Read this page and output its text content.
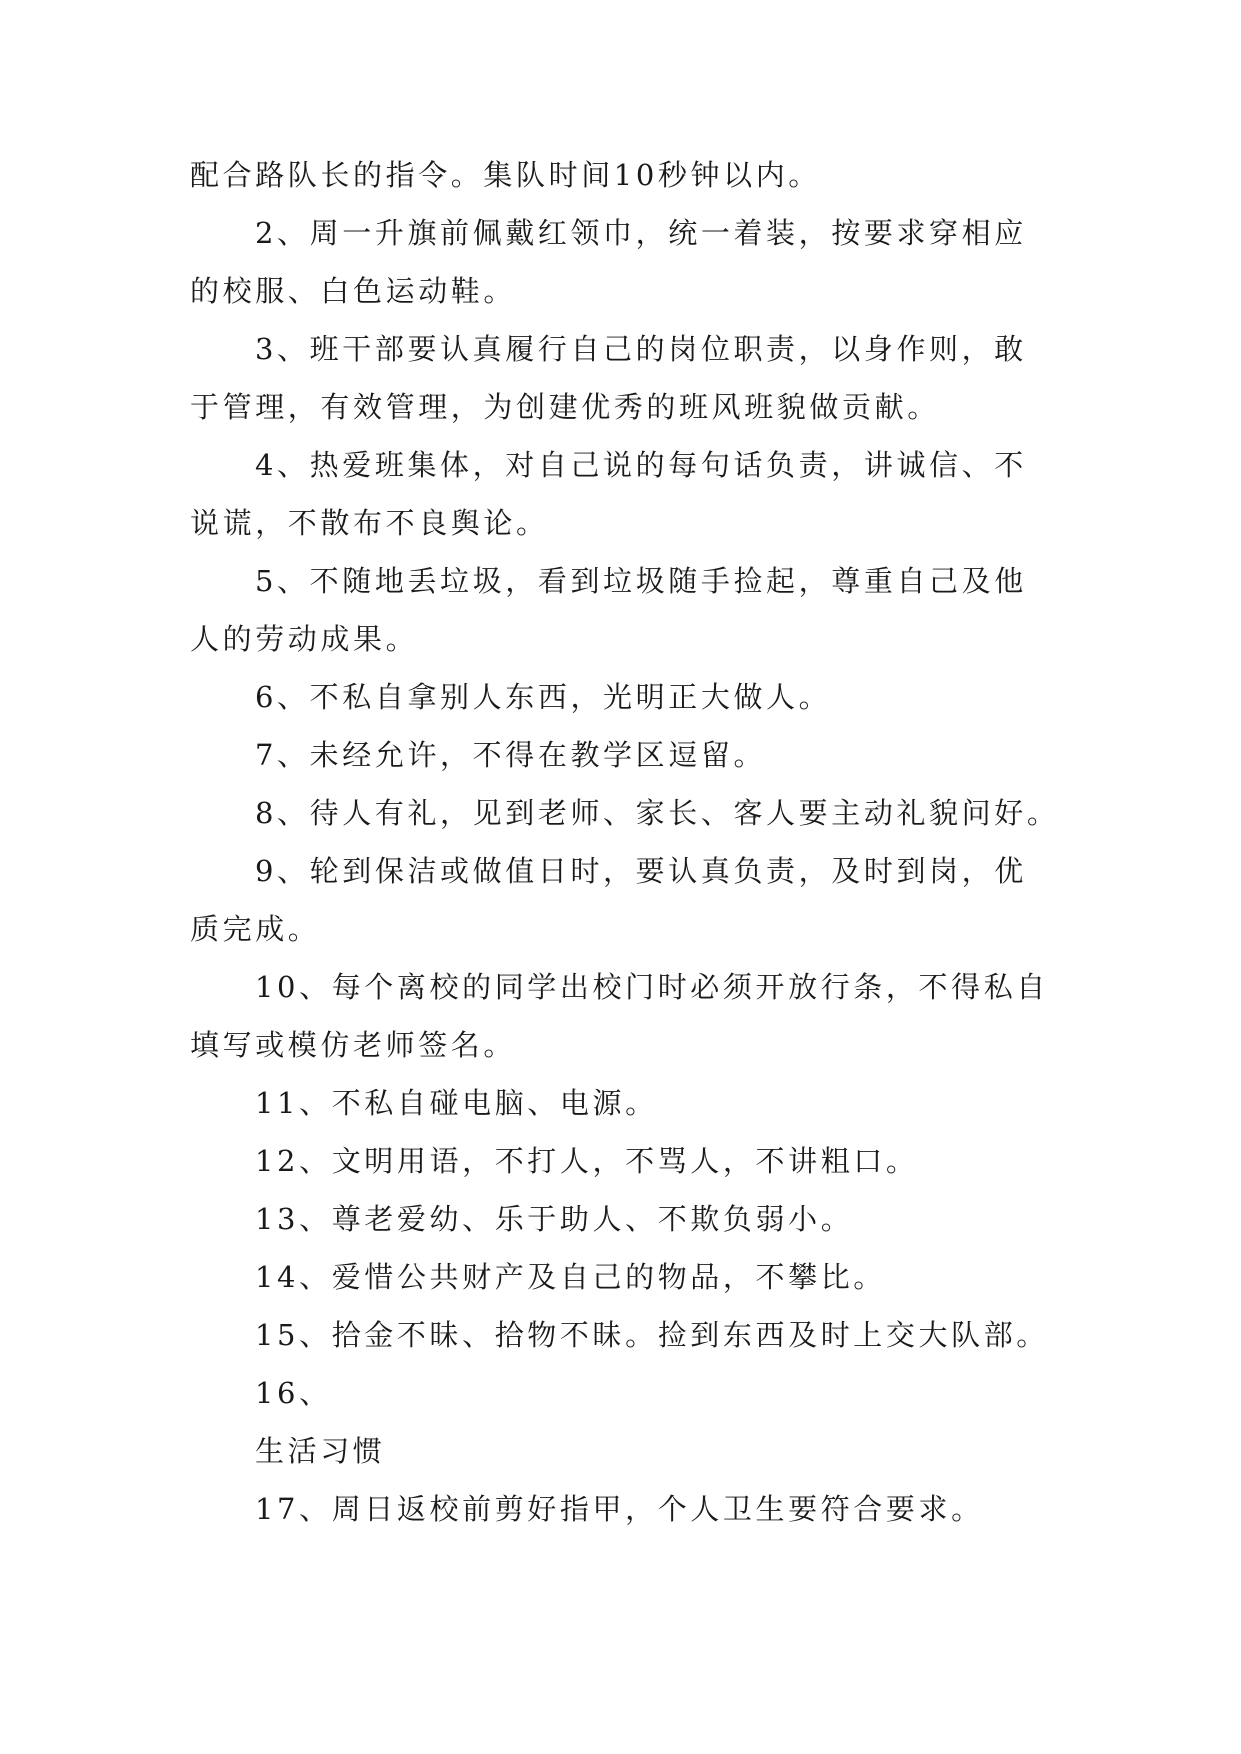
配合路队长的指令。集队时间10秒钟以内。
2、周一升旗前佩戴红领巾，统一着装，按要求穿相应
的校服、白色运动鞋。
3、班干部要认真履行自己的岗位职责，以身作则，敢
于管理，有效管理，为创建优秀的班风班貌做贡献。
4、热爱班集体，对自己说的每句话负责，讲诚信、不
说谎，不散布不良舆论。
5、不随地丢垃圾，看到垃圾随手捡起，尊重自己及他
人的劳动成果。
6、不私自拿别人东西，光明正大做人。
7、未经允许，不得在教学区逗留。
8、待人有礼，见到老师、家长、客人要主动礼貌问好。
9、轮到保洁或做值日时，要认真负责，及时到岗，优
质完成。
10、每个离校的同学出校门时必须开放行条，不得私自
填写或模仿老师签名。
11、不私自碰电脑、电源。
12、文明用语，不打人，不骂人，不讲粗口。
13、尊老爱幼、乐于助人、不欺负弱小。
14、爱惜公共财产及自己的物品，不攀比。
15、拾金不昧、拾物不昧。捡到东西及时上交大队部。
16、
生活习惯
17、周日返校前剪好指甲，个人卫生要符合要求。
